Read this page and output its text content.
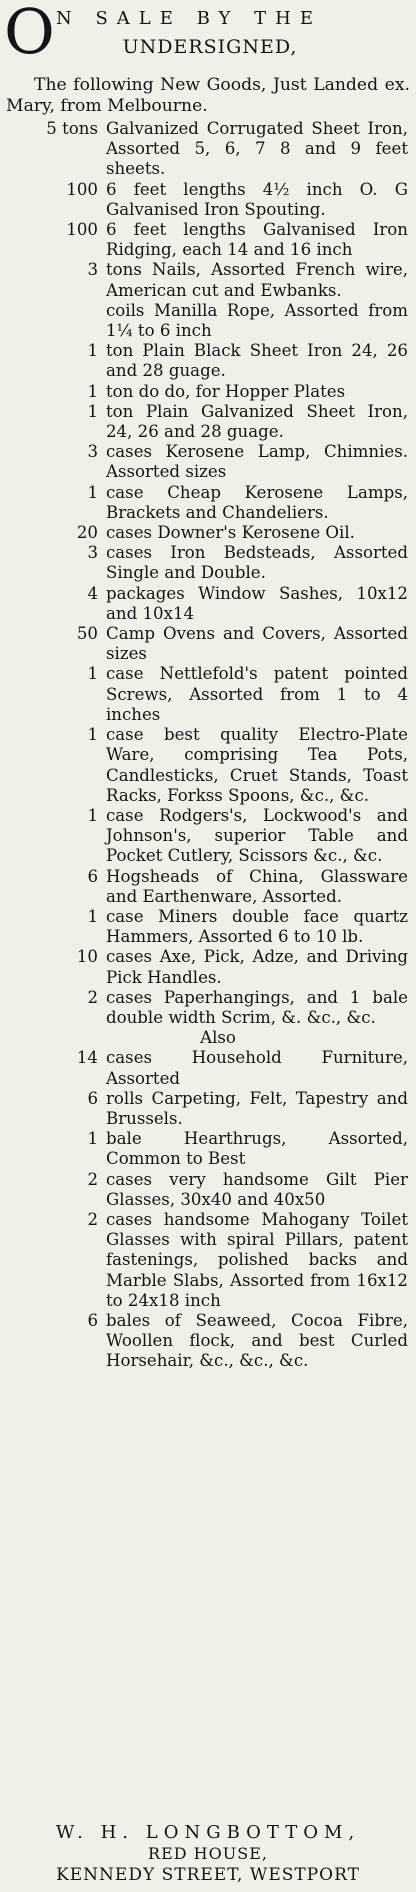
O N SALE BY THE
UNDERSIGNED,
The following New Goods, Just Landed ex. Mary, from Melbourne.
5 tons Galvanized Corrugated Sheet Iron, Assorted 5, 6, 7 8 and 9 feet sheets.
100 6 feet lengths 4½ inch O. G Galvanised Iron Spouting.
100 6 feet lengths Galvanised Iron Ridging, each 14 and 16 inch
3 tons Nails, Assorted French wire, American cut and Ewbanks.
coils Manilla Rope, Assorted from 1¼ to 6 inch
1 ton Plain Black Sheet Iron 24, 26 and 28 guage.
1 ton do do, for Hopper Plates
1 ton Plain Galvanized Sheet Iron, 24, 26 and 28 guage.
3 cases Kerosene Lamp, Chimnies. Assorted sizes
1 case Cheap Kerosene Lamps, Brackets and Chandeliers.
20 cases Downer's Kerosene Oil.
3 cases Iron Bedsteads, Assorted Single and Double.
4 packages Window Sashes, 10x12 and 10x14
50 Camp Ovens and Covers, Assorted sizes
1 case Nettlefold's patent pointed Screws, Assorted from 1 to 4 inches
1 case best quality Electro-Plate Ware, comprising Tea Pots, Candlesticks, Cruet Stands, Toast Racks, Forkss Spoons, &c., &c.
1 case Rodgers's, Lockwood's and Johnson's, superior Table and Pocket Cutlery, Scissors &c., &c.
6 Hogsheads of China, Glassware and Earthenware, Assorted.
1 case Miners double face quartz Hammers, Assorted 6 to 10 lb.
10 cases Axe, Pick, Adze, and Driving Pick Handles.
2 cases Paperhangings, and 1 bale double width Scrim, &. &c., &c.
Also
14 cases Household Furniture, Assorted
6 rolls Carpeting, Felt, Tapestry and Brussels.
1 bale Hearthrugs, Assorted, Common to Best
2 cases very handsome Gilt Pier Glasses, 30x40 and 40x50
2 cases handsome Mahogany Toilet Glasses with spiral Pillars, patent fastenings, polished backs and Marble Slabs, Assorted from 16x12 to 24x18 inch
6 bales of Seaweed, Cocoa Fibre, Woollen flock, and best Curled Horsehair, &c., &c., &c.
W. H. LONGBOTTOM,
RED HOUSE,
KENNEDY STREET, WESTPORT
